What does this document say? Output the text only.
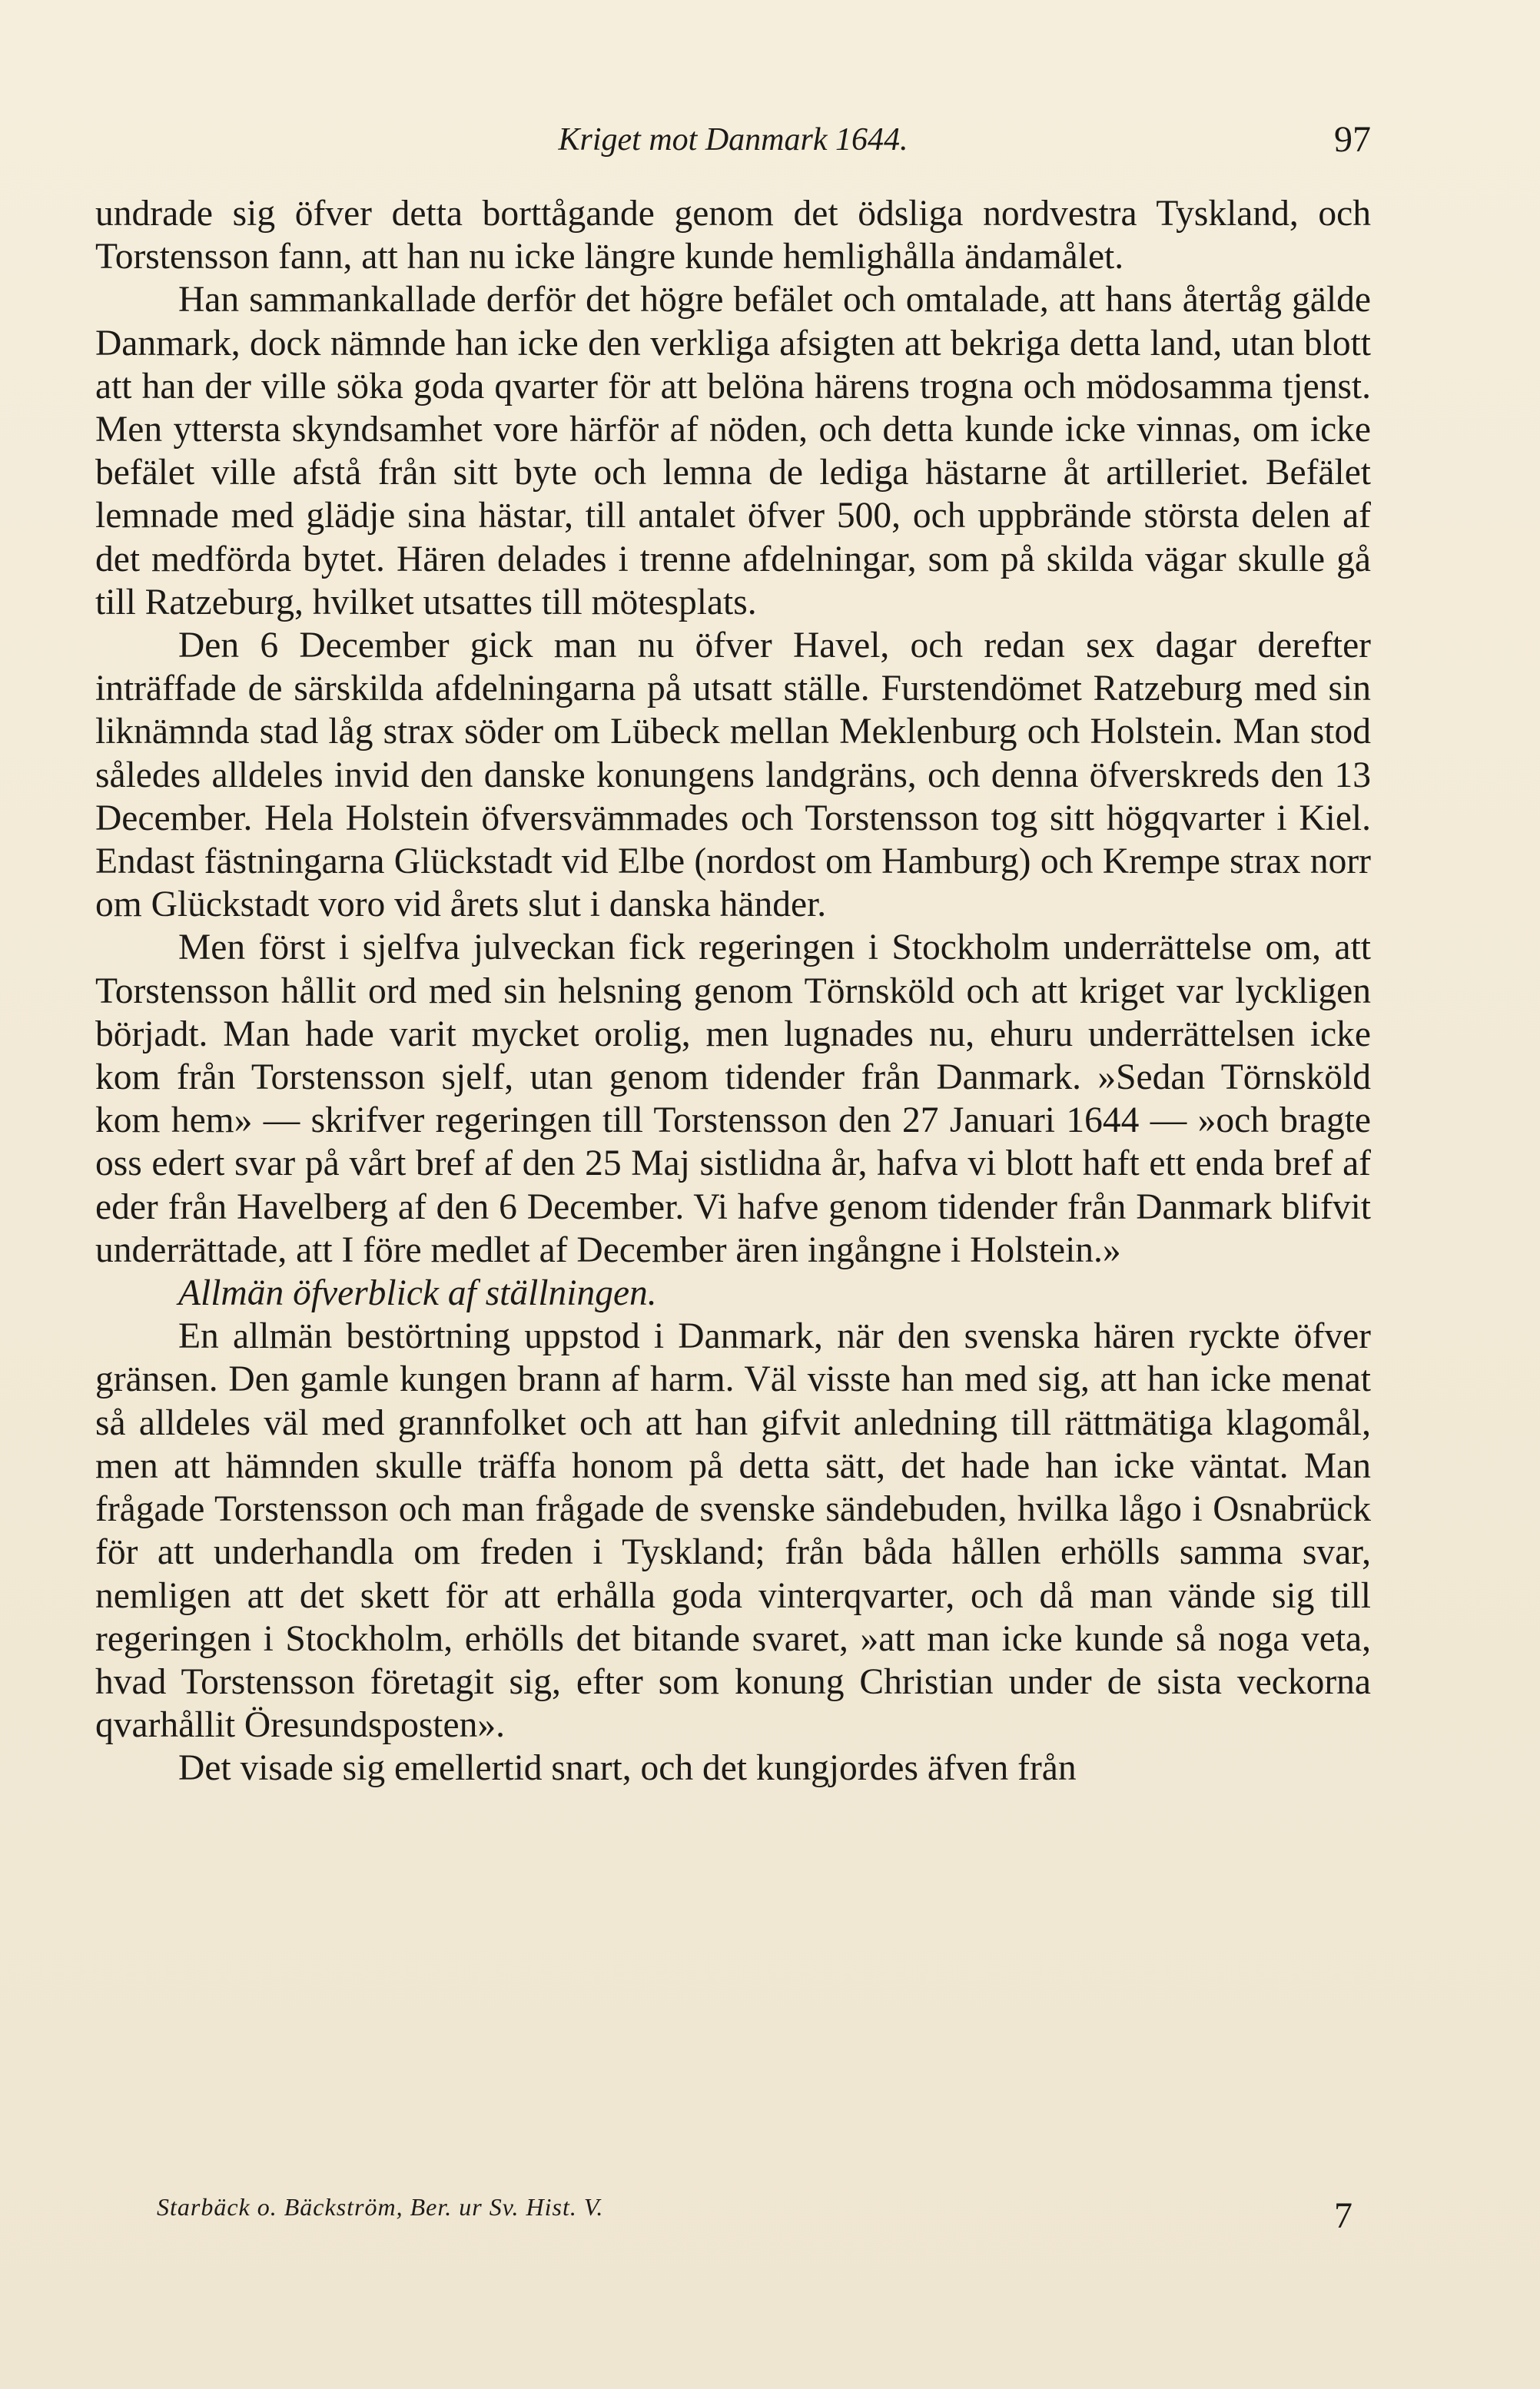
Kriget mot Danmark 1644.	97

undrade sig öfver detta borttågande genom det ödsliga nordvestra Tyskland, och Torstensson fann, att han nu icke längre kunde hemlighålla ändamålet.

Han sammankallade derför det högre befälet och omtalade, att hans återtåg gälde Danmark, dock nämnde han icke den verkliga afsigten att bekriga detta land, utan blott att han der ville söka goda qvarter för att belöna härens trogna och mödosamma tjenst. Men yttersta skyndsamhet vore härför af nöden, och detta kunde icke vinnas, om icke befälet ville afstå från sitt byte och lemna de lediga hästarne åt artilleriet. Befälet lemnade med glädje sina hästar, till antalet öfver 500, och uppbrände största delen af det medförda bytet. Hären delades i trenne afdelningar, som på skilda vägar skulle gå till Ratzeburg, hvilket utsattes till mötesplats.

Den 6 December gick man nu öfver Havel, och redan sex dagar derefter inträffade de särskilda afdelningarna på utsatt ställe. Furstendömet Ratzeburg med sin liknämnda stad låg strax söder om Lübeck mellan Meklenburg och Holstein. Man stod således alldeles invid den danske konungens landgräns, och denna öfverskreds den 13 December. Hela Holstein öfversvämmades och Torstensson tog sitt högqvarter i Kiel. Endast fästningarna Glückstadt vid Elbe (nordost om Hamburg) och Krempe strax norr om Glückstadt voro vid årets slut i danska händer.

Men först i sjelfva julveckan fick regeringen i Stockholm underrättelse om, att Torstensson hållit ord med sin helsning genom Törnsköld och att kriget var lyckligen börjadt. Man hade varit mycket orolig, men lugnades nu, ehuru underrättelsen icke kom från Torstensson sjelf, utan genom tidender från Danmark. »Sedan Törnsköld kom hem» — skrifver regeringen till Torstensson den 27 Januari 1644 — »och bragte oss edert svar på vårt bref af den 25 Maj sistlidna år, hafva vi blott haft ett enda bref af eder från Havelberg af den 6 December. Vi hafve genom tidender från Danmark blifvit underrättade, att I före medlet af December ären ingångne i Holstein.»

Allmän öfverblick af ställningen.

En allmän bestörtning uppstod i Danmark, när den svenska hären ryckte öfver gränsen. Den gamle kungen brann af harm. Väl visste han med sig, att han icke menat så alldeles väl med grannfolket och att han gifvit anledning till rättmätiga klagomål, men att hämnden skulle träffa honom på detta sätt, det hade han icke väntat. Man frågade Torstensson och man frågade de svenske sändebuden, hvilka lågo i Osnabrück för att underhandla om freden i Tyskland; från båda hållen erhölls samma svar, nemligen att det skett för att erhålla goda vinterqvarter, och då man vände sig till regeringen i Stockholm, erhölls det bitande svaret, »att man icke kunde så noga veta, hvad Torstensson företagit sig, efter som konung Christian under de sista veckorna qvarhållit Öresundsposten».

Det visade sig emellertid snart, och det kungjordes äfven från

Starbäck o. Bäckström, Ber. ur Sv. Hist. V.	7
